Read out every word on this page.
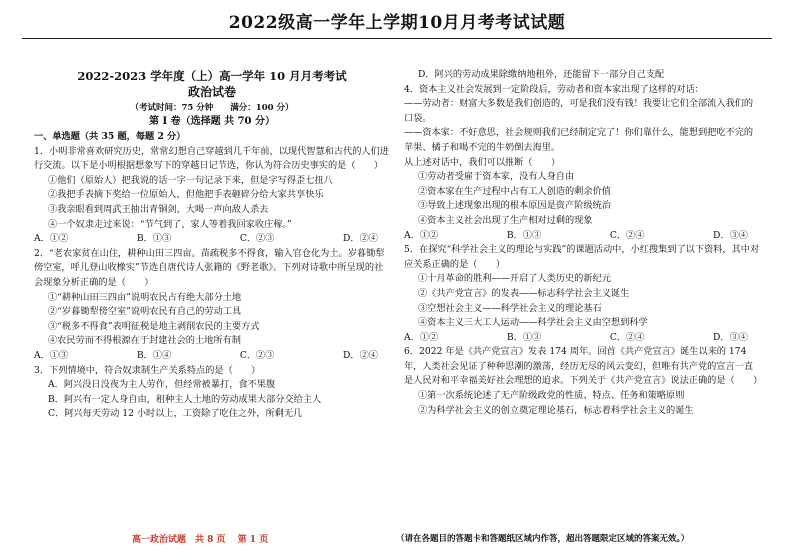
2022级高一学年上学期10月月考考试试题
2022-2023 学年度（上）高一学年 10 月月考考试
政治试卷
（考试时间：75 分钟　　满分：100 分）
第 I 卷（选择题 共 70 分）
一、单选题（共 35 题，每题 2 分）

1．小明非常喜欢研究历史，常常幻想自己穿越到几千年前，以现代智慧和古代的人们进行交流。以下是小明根据想象写下的穿越日记节选，你认为符合历史事实的是（　　）

①他们（原始人）把我说的话一字一句记录下来，但是字写得歪七扭八

②我把手表摘下奖给一位原始人，但他把手表砸碎分给大家共享快乐

③我亲眼看到周武王抽出青铜剑，大喝一声向敌人杀去

④一个奴隶走过来说：“节气到了，家人等着我回家收庄稼。”

A．①②	B．①③	C．②③	D．②④

2．“老农家贫在山住，耕种山田三四亩。苗疏税多不得食，输入官仓化为土。岁暮锄犁傍空室，呼儿登山收橡实”节选自唐代诗人张籍的《野老歌》。下列对诗歌中所呈现的社会现象分析正确的是（　　）

①“耕种山田三四亩”说明农民占有绝大部分土地

②“岁暮锄犁傍空室”说明农民有自己的劳动工具

③“税多不得食”表明征税是地主剥削农民的主要方式

④农民劳而不得根源在于封建社会的土地所有制

A．①③	B．①④	C．②③	D．②④

3．下列情境中，符合奴隶制生产关系特点的是（　　）

A．阿兴没日没夜为主人劳作，但经常被暴打，食不果腹

B．阿兴有一定人身自由，租种主人土地的劳动成果大部分交给主人

C．阿兴每天劳动 12 小时以上，工资除了吃住之外，所剩无几

D．阿兴的劳动成果除缴纳地租外，还能留下一部分自己支配

4．资本主义社会发展到一定阶段后，劳动者和资本家出现了这样的对话：

——劳动者：财富大多数是我们创造的，可是我们没有钱！我要让它们全部流入我们的口袋。

——资本家：不好意思，社会规则我们已经制定完了！你们靠什么，能想到把吃不完的苹果、橘子和喝不完的牛奶倒去海里。

从上述对话中，我们可以推断（　　）

①劳动者受雇于资本家，没有人身自由

②资本家在生产过程中占有工人创造的剩余价值

③导致上述现象出现的根本原因是资产阶级统治

④资本主义社会出现了生产相对过剩的现象

A．①②	B．①③	C．②④	D．③④

5．在探究“科学社会主义的理论与实践”的课题活动中，小红搜集到了以下资料，其中对应关系正确的是（　　）

①十月革命的胜利——开启了人类历史的新纪元

②《共产党宣言》的发表——标志科学社会主义诞生

③空想社会主义——科学社会主义的理论基石

④资本主义三大工人运动——科学社会主义由空想到科学

A．①②	B．①③	C．②④	D．③④

6．2022 年是《共产党宣言》发表 174 周年。回首《共产党宣言》诞生以来的 174 年，人类社会见证了种种思潮的激荡，经历无尽的风云变幻，但唯有共产党的宣言一直是人民对和平幸福美好社会理想的追求。下列关于《共产党宣言》说法正确的是（　　）

①第一次系统论述了无产阶级政党的性质、特点、任务和策略原则

②为科学社会主义的创立奠定理论基石，标志着科学社会主义的诞生

高一政治试题　共 8 页　 第 1 页	（请在各题目的答题卡和答题纸区域内作答，超出答题限定区域的答案无效。）
